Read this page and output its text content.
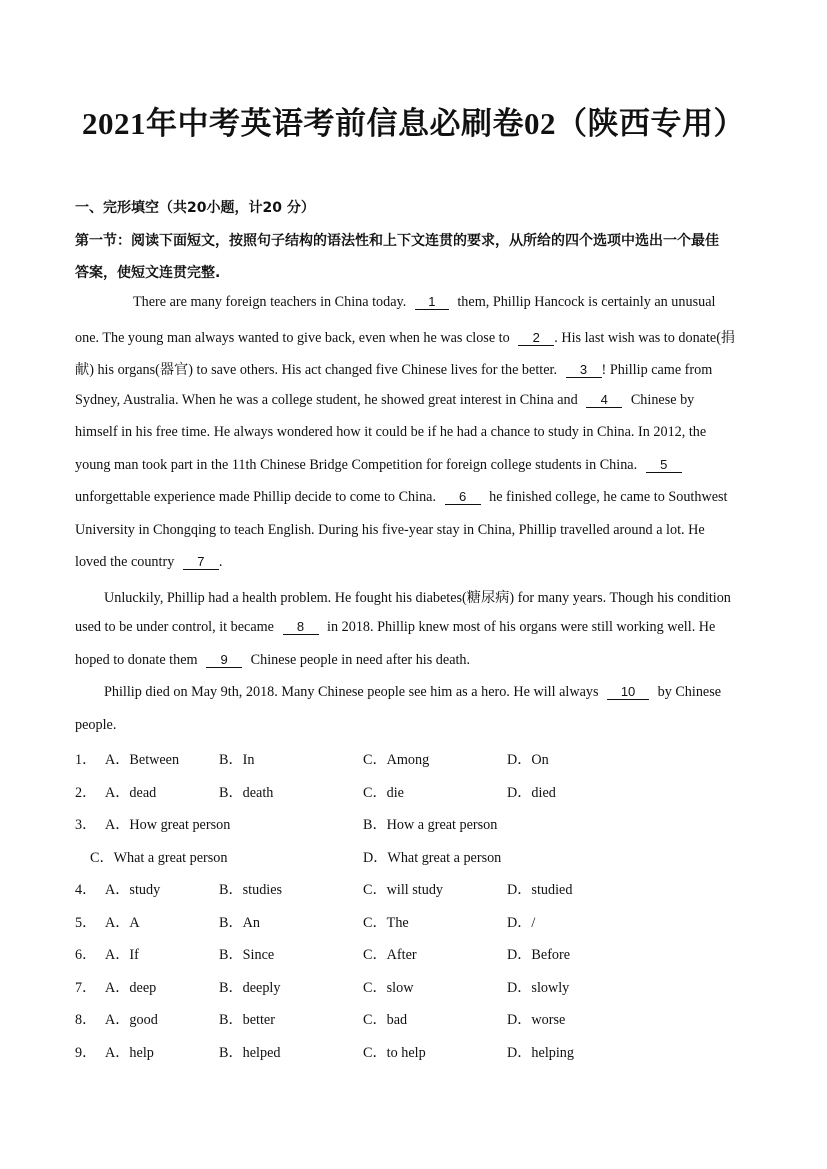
2021年中考英语考前信息必刷卷02（陕西专用）
一、完形填空（共20小题，计20 分）
第一节：阅读下面短文，按照句子结构的语法性和上下文连贯的要求，从所给的四个选项中选出一个最佳
答案，使短文连贯完整.
There are many foreign teachers in China today. 1 them, Phillip Hancock is certainly an unusual
one. The young man always wanted to give back, even when he was close to 2 . His last wish was to donate(捐
献) his organs(器官) to save others. His act changed five Chinese lives for the better. 3 ! Phillip came from
Sydney, Australia. When he was a college student, he showed great interest in China and 4 Chinese by
himself in his free time. He always wondered how it could be if he had a chance to study in China. In 2012, the
young man took part in the 11th Chinese Bridge Competition for foreign college students in China. 5
unforgettable experience made Phillip decide to come to China. 6 he finished college, he came to Southwest
University in Chongqing to teach English. During his five-year stay in China, Phillip travelled around a lot. He
loved the country 7 .
Unluckily, Phillip had a health problem. He fought his diabetes(糖尿病) for many years. Though his condition
used to be under control, it became 8 in 2018. Phillip knew most of his organs were still working well. He
hoped to donate them 9 Chinese people in need after his death.
Phillip died on May 9th, 2018. Many Chinese people see him as a hero. He will always 10 by Chinese
people.
1． A．Between	B．In	C．Among	D．On
2． A．dead	B．death	C．die	D．died
3． A．How great person	B．How a great person
C．What a great person	D．What great a person
4． A．study	B．studies	C．will study	D．studied
5． A．A	B．An	C．The	D．/
6． A．If	B．Since	C．After	D．Before
7． A．deep	B．deeply	C．slow	D．slowly
8． A．good	B．better	C．bad	D．worse
9． A．help	B．helped	C．to help	D．helping
